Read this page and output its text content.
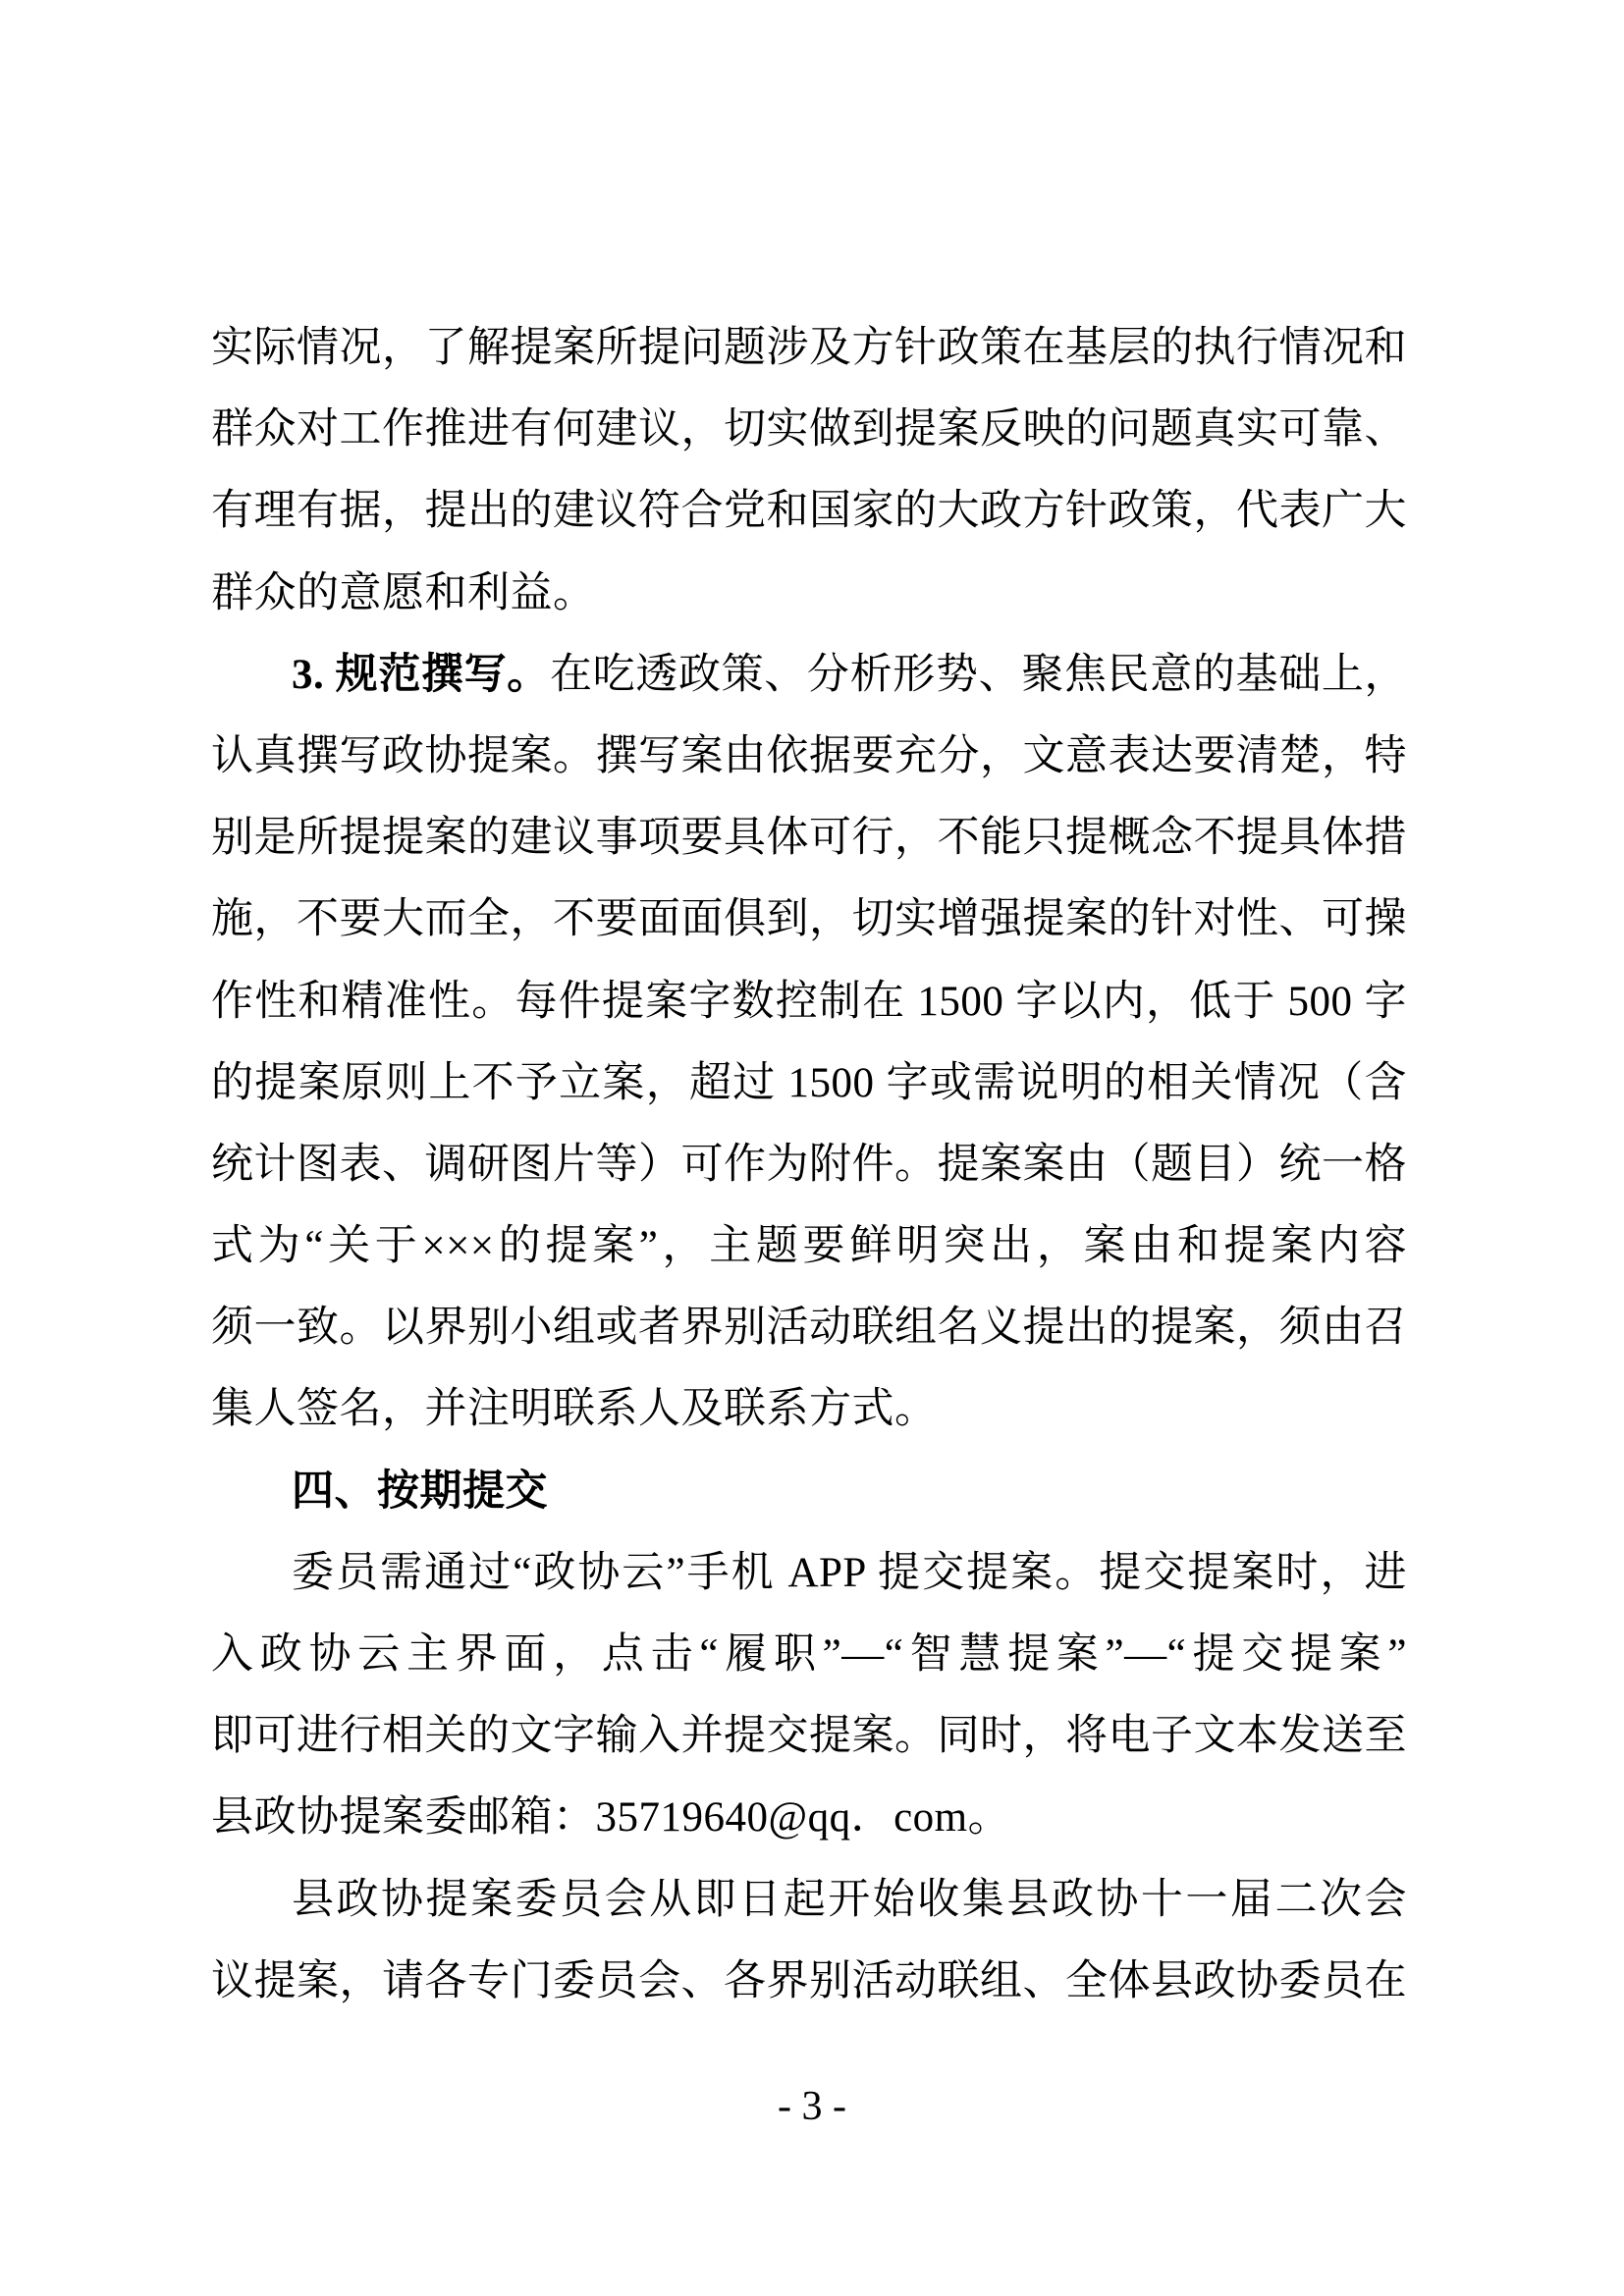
实际情况，了解提案所提问题涉及方针政策在基层的执行情况和
群众对工作推进有何建议，切实做到提案反映的问题真实可靠、
有理有据，提出的建议符合党和国家的大政方针政策，代表广大
群众的意愿和利益。
3. 规范撰写。在吃透政策、分析形势、聚焦民意的基础上，
认真撰写政协提案。撰写案由依据要充分，文意表达要清楚，特
别是所提提案的建议事项要具体可行，不能只提概念不提具体措
施，不要大而全，不要面面俱到，切实增强提案的针对性、可操
作性和精准性。每件提案字数控制在 1500 字以内，低于 500 字
的提案原则上不予立案，超过 1500 字或需说明的相关情况（含
统计图表、调研图片等）可作为附件。提案案由（题目）统一格
式为“关于×××的提案”，主题要鲜明突出，案由和提案内容
须一致。以界别小组或者界别活动联组名义提出的提案，须由召
集人签名，并注明联系人及联系方式。
四、按期提交
委员需通过“政协云”手机 APP 提交提案。提交提案时，进
入政协云主界面，点击“履职”—“智慧提案”—“提交提案”
即可进行相关的文字输入并提交提案。同时，将电子文本发送至
县政协提案委邮箱：35719640@qq．com。
县政协提案委员会从即日起开始收集县政协十一届二次会
议提案，请各专门委员会、各界别活动联组、全体县政协委员在
- 3 -
